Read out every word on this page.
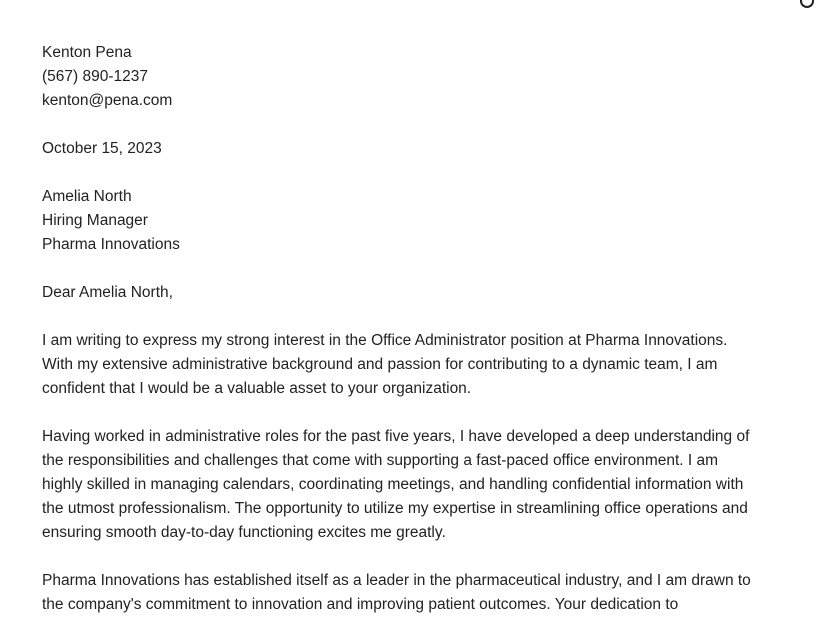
Kenton Pena
(567) 890-1237
kenton@pena.com
October 15, 2023
Amelia North
Hiring Manager
Pharma Innovations
Dear Amelia North,
I am writing to express my strong interest in the Office Administrator position at Pharma Innovations.
With my extensive administrative background and passion for contributing to a dynamic team, I am
confident that I would be a valuable asset to your organization.
Having worked in administrative roles for the past five years, I have developed a deep understanding of
the responsibilities and challenges that come with supporting a fast-paced office environment. I am
highly skilled in managing calendars, coordinating meetings, and handling confidential information with
the utmost professionalism. The opportunity to utilize my expertise in streamlining office operations and
ensuring smooth day-to-day functioning excites me greatly.
Pharma Innovations has established itself as a leader in the pharmaceutical industry, and I am drawn to
the company's commitment to innovation and improving patient outcomes. Your dedication to
